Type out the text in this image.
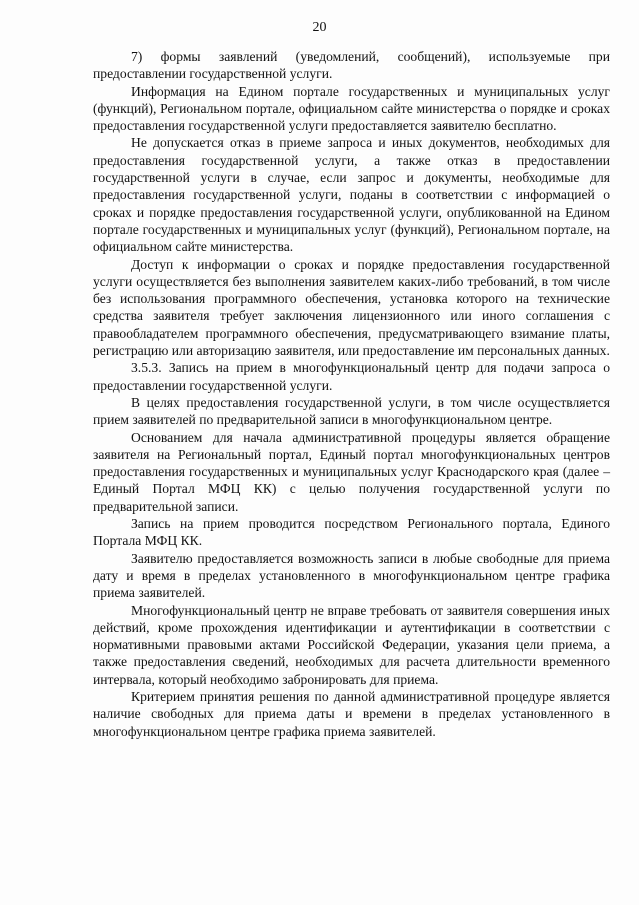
20

7) формы заявлений (уведомлений, сообщений), используемые при предоставлении государственной услуги.

Информация на Едином портале государственных и муниципальных услуг (функций), Региональном портале, официальном сайте министерства о порядке и сроках предоставления государственной услуги предоставляется заявителю бесплатно.

Не допускается отказ в приеме запроса и иных документов, необходимых для предоставления государственной услуги, а также отказ в предоставлении государственной услуги в случае, если запрос и документы, необходимые для предоставления государственной услуги, поданы в соответствии с информацией о сроках и порядке предоставления государственной услуги, опубликованной на Едином портале государственных и муниципальных услуг (функций), Региональном портале, на официальном сайте министерства.

Доступ к информации о сроках и порядке предоставления государственной услуги осуществляется без выполнения заявителем каких-либо требований, в том числе без использования программного обеспечения, установка которого на технические средства заявителя требует заключения лицензионного или иного соглашения с правообладателем программного обеспечения, предусматривающего взимание платы, регистрацию или авторизацию заявителя, или предоставление им персональных данных.

3.5.3. Запись на прием в многофункциональный центр для подачи запроса о предоставлении государственной услуги.

В целях предоставления государственной услуги, в том числе осуществляется прием заявителей по предварительной записи в многофункциональном центре.

Основанием для начала административной процедуры является обращение заявителя на Региональный портал, Единый портал многофункциональных центров предоставления государственных и муниципальных услуг Краснодарского края (далее – Единый Портал МФЦ КК) с целью получения государственной услуги по предварительной записи.

Запись на прием проводится посредством Регионального портала, Единого Портала МФЦ КК.

Заявителю предоставляется возможность записи в любые свободные для приема дату и время в пределах установленного в многофункциональном центре графика приема заявителей.

Многофункциональный центр не вправе требовать от заявителя совершения иных действий, кроме прохождения идентификации и аутентификации в соответствии с нормативными правовыми актами Российской Федерации, указания цели приема, а также предоставления сведений, необходимых для расчета длительности временного интервала, который необходимо забронировать для приема.

Критерием принятия решения по данной административной процедуре является наличие свободных для приема даты и времени в пределах установленного в многофункциональном центре графика приема заявителей.
